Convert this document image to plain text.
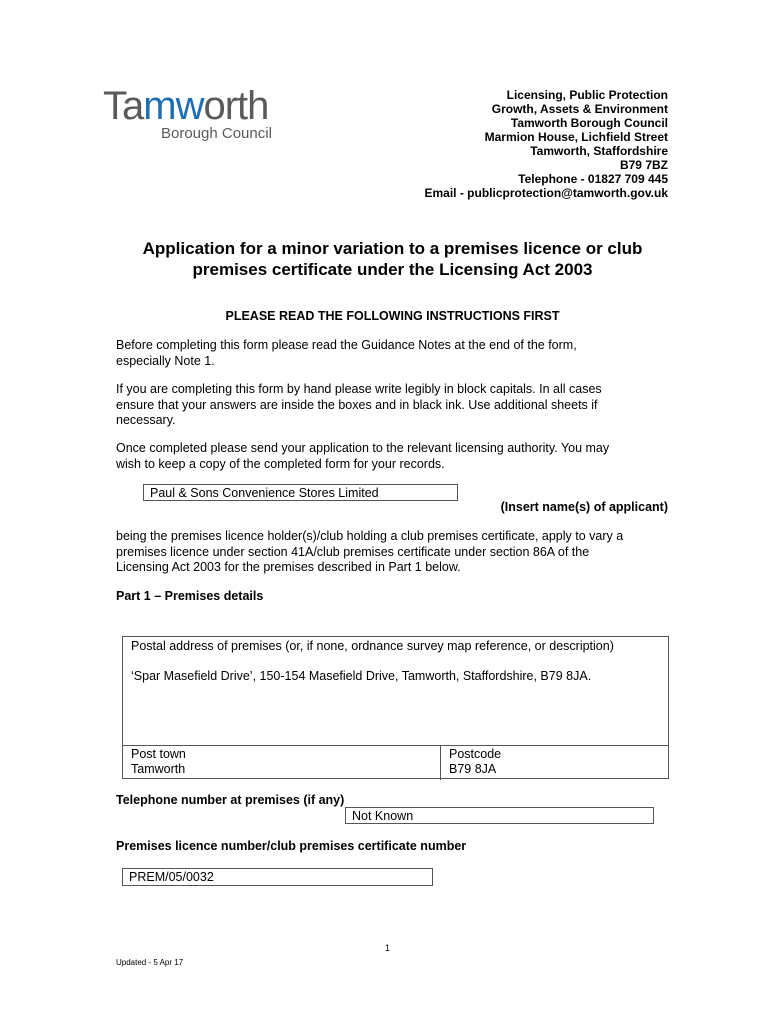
Tamworth
Borough Council
Licensing, Public Protection
Growth, Assets & Environment
Tamworth Borough Council
Marmion House, Lichfield Street
Tamworth, Staffordshire
B79 7BZ
Telephone - 01827 709 445
Email - publicprotection@tamworth.gov.uk
Application for a minor variation to a premises licence or club
premises certificate under the Licensing Act 2003
PLEASE READ THE FOLLOWING INSTRUCTIONS FIRST
Before completing this form please read the Guidance Notes at the end of the form,
especially Note 1.
If you are completing this form by hand please write legibly in block capitals. In all cases
ensure that your answers are inside the boxes and in black ink. Use additional sheets if
necessary.
Once completed please send your application to the relevant licensing authority. You may
wish to keep a copy of the completed form for your records.
Paul & Sons Convenience Stores Limited
(Insert name(s) of applicant)
being the premises licence holder(s)/club holding a club premises certificate, apply to vary a
premises licence under section 41A/club premises certificate under section 86A of the
Licensing Act 2003 for the premises described in Part 1 below.
Part 1 – Premises details
Postal address of premises (or, if none, ordnance survey map reference, or description)
‘Spar Masefield Drive’, 150-154 Masefield Drive, Tamworth, Staffordshire, B79 8JA.
Post town
Tamworth
Postcode
B79 8JA
Telephone number at premises (if any)
Not Known
Premises licence number/club premises certificate number
PREM/05/0032
1
Updated - 5 Apr 17
